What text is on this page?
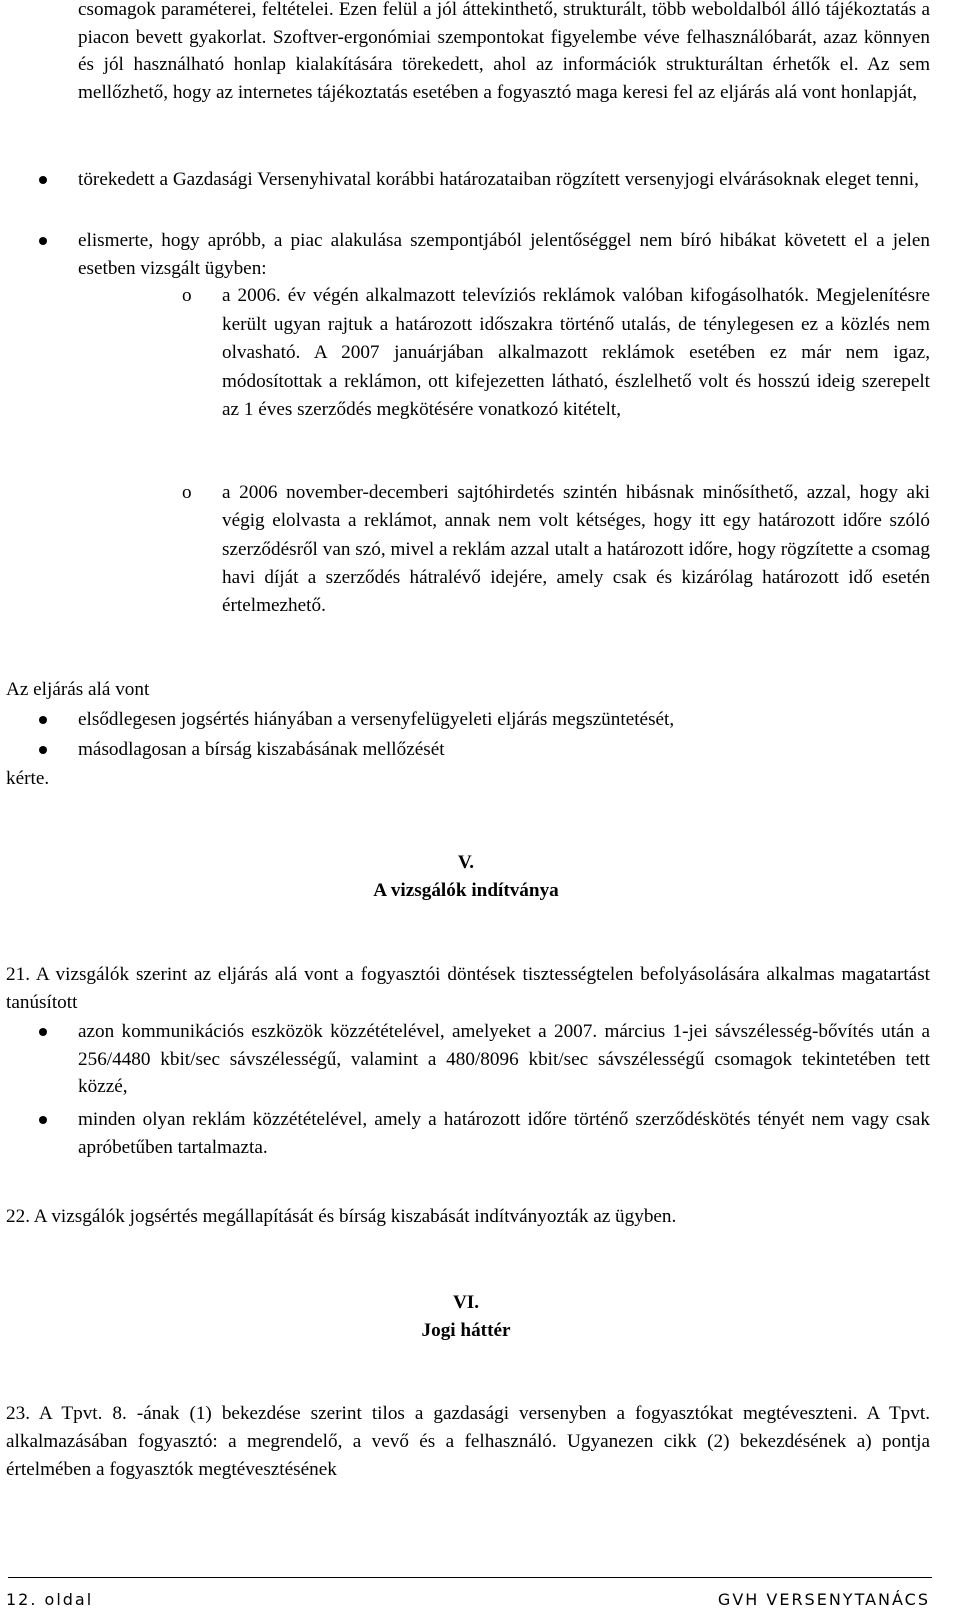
csomagok paraméterei, feltételei. Ezen felül a jól áttekinthető, strukturált, több weboldalból álló tájékoztatás a piacon bevett gyakorlat. Szoftver-ergonómiai szempontokat figyelembe véve felhasználóbarát, azaz könnyen és jól használható honlap kialakítására törekedett, ahol az információk strukturáltan érhetők el. Az sem mellőzhető, hogy az internetes tájékoztatás esetében a fogyasztó maga keresi fel az eljárás alá vont honlapját,

törekedett a Gazdasági Versenyhivatal korábbi határozataiban rögzített versenyjogi elvárásoknak eleget tenni,

elismerte, hogy apróbb, a piac alakulása szempontjából jelentőséggel nem bíró hibákat követett el a jelen esetben vizsgált ügyben:

o a 2006. év végén alkalmazott televíziós reklámok valóban kifogásolhatók. Megjelenítésre került ugyan rajtuk a határozott időszakra történő utalás, de ténylegesen ez a közlés nem olvasható. A 2007 januárjában alkalmazott reklámok esetében ez már nem igaz, módosítottak a reklámon, ott kifejezetten látható, észlelhető volt és hosszú ideig szerepelt az 1 éves szerződés megkötésére vonatkozó kitételt,

o a 2006 november-decemberi sajtóhirdetés szintén hibásnak minősíthető, azzal, hogy aki végig elolvasta a reklámot, annak nem volt kétséges, hogy itt egy határozott időre szóló szerződésről van szó, mivel a reklám azzal utalt a határozott időre, hogy rögzítette a csomag havi díját a szerződés hátralévő idejére, amely csak és kizárólag határozott idő esetén értelmezhető.

Az eljárás alá vont

elsődlegesen jogsértés hiányában a versenyfelügyeleti eljárás megszüntetését,

másodlagosan a bírság kiszabásának mellőzését

kérte.

V.
A vizsgálók indítványa

21. A vizsgálók szerint az eljárás alá vont a fogyasztói döntések tisztességtelen befolyásolására alkalmas magatartást tanúsított

azon kommunikációs eszközök közzétételével, amelyeket a 2007. március 1-jei sávszélesség-bővítés után a 256/4480 kbit/sec sávszélességű, valamint a 480/8096 kbit/sec sávszélességű csomagok tekintetében tett közzé,

minden olyan reklám közzétételével, amely a határozott időre történő szerződéskötés tényét nem vagy csak apróbetűben tartalmazta.

22. A vizsgálók jogsértés megállapítását és bírság kiszabását indítványozták az ügyben.

VI.
Jogi háttér

23. A Tpvt. 8. -ának (1) bekezdése szerint tilos a gazdasági versenyben a fogyasztókat megtéveszteni. A Tpvt. alkalmazásában fogyasztó: a megrendelő, a vevő és a felhasználó. Ugyanezen cikk (2) bekezdésének a) pontja értelmében a fogyasztók megtévesztésének

12. oldal	GVH VERSENYTANÁCS
